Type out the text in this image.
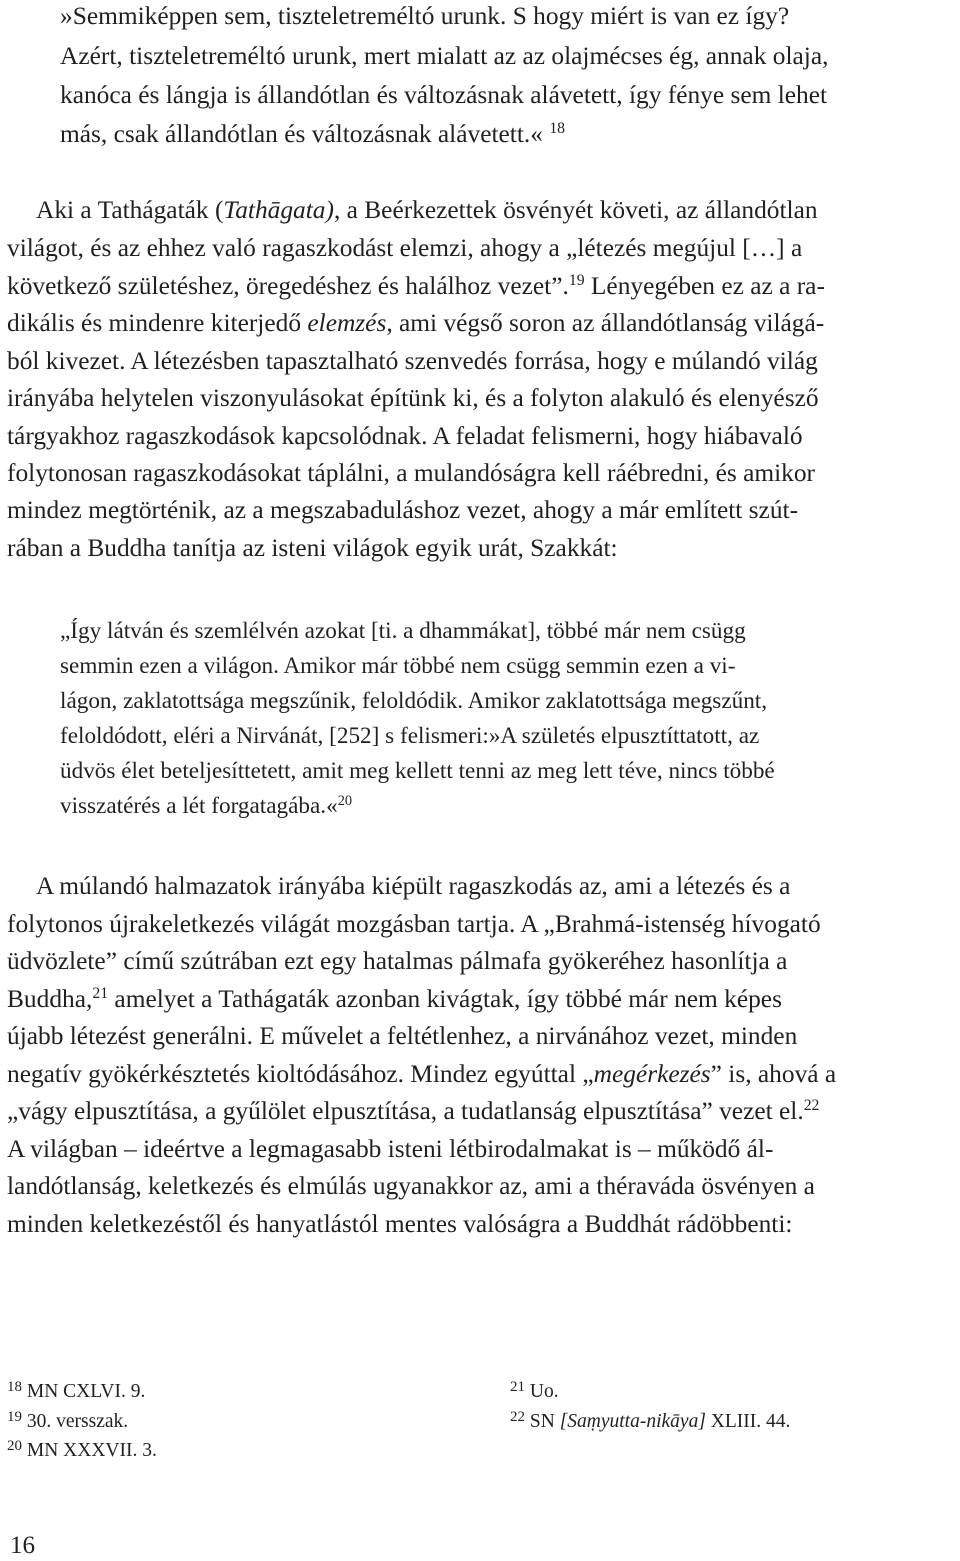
»Semmiképpen sem, tiszteletreméltó urunk. S hogy miért is van ez így?
Azért, tiszteletreméltó urunk, mert mialatt az az olajmécses ég, annak olaja,
kanóca és lángja is állandótlan és változásnak alávetett, így fénye sem lehet
más, csak állandótlan és változásnak alávetett.« $^{18}$
Aki a Tathágaták (Tathāgata), a Beérkezettek ösvényét követi, az állandótlan
világot, és az ehhez való ragaszkodást elemzi, ahogy a „létezés megújul […] a
következő születéshez, öregedéshez és halálhoz vezet”.$^{19}$ Lényegében ez az a ra-
dikális és mindenre kiterjedő elemzés, ami végső soron az állandótlanság világá-
ból kivezet. A létezésben tapasztalható szenvedés forrása, hogy e múlandó világ
irányába helytelen viszonyulásokat építünk ki, és a folyton alakuló és elenyésző
tárgyakhoz ragaszkodások kapcsolódnak. A feladat felismerni, hogy hiábavaló
folytonosan ragaszkodásokat táplálni, a mulandóságra kell ráébredni, és amikor
mindez megtörténik, az a megszabaduláshoz vezet, ahogy a már említett szút-
rában a Buddha tanítja az isteni világok egyik urát, Szakkát:
„Így látván és szemlélvén azokat [ti. a dhammákat], többé már nem csügg
semmin ezen a világon. Amikor már többé nem csügg semmin ezen a vi-
lágon, zaklatottsága megszűnik, feloldódik. Amikor zaklatottsága megszűnt,
feloldódott, eléri a Nirvánát, [252] s felismeri:»A születés elpusztíttatott, az
üdvös élet beteljesíttetett, amit meg kellett tenni az meg lett téve, nincs többé
visszatérés a lét forgatagába.«$^{20}$
A múlandó halmazatok irányába kiépült ragaszkodás az, ami a létezés és a
folytonos újrakeletkezés világát mozgásban tartja. A „Brahmá-istenség hívogató
üdvözlete” című szútrában ezt egy hatalmas pálmafa gyökeréhez hasonlítja a
Buddha,$^{21}$ amelyet a Tathágaták azonban kivágtak, így többé már nem képes
újabb létezést generálni. E művelet a feltétlenhez, a nirvánához vezet, minden
negatív gyökérkésztetés kioltódásához. Mindez egyúttal „megérkezés” is, ahová a
„vágy elpusztítása, a gyűlölet elpusztítása, a tudatlanság elpusztítása” vezet el.$^{22}$
A világban – ideértve a legmagasabb isteni létbirodalmakat is – működő ál-
landótlanság, keletkezés és elmúlás ugyanakkor az, ami a théraváda ösvényen a
minden keletkezéstől és hanyatlástól mentes valóságra a Buddhát rádöbbenti:
$^{18}$ MN CXLVI. 9.
$^{19}$ 30. versszak.
$^{20}$ MN XXXVII. 3.
$^{21}$ Uo.
$^{22}$ SN [Saṃyutta-nikāya] XLIII. 44.
16
